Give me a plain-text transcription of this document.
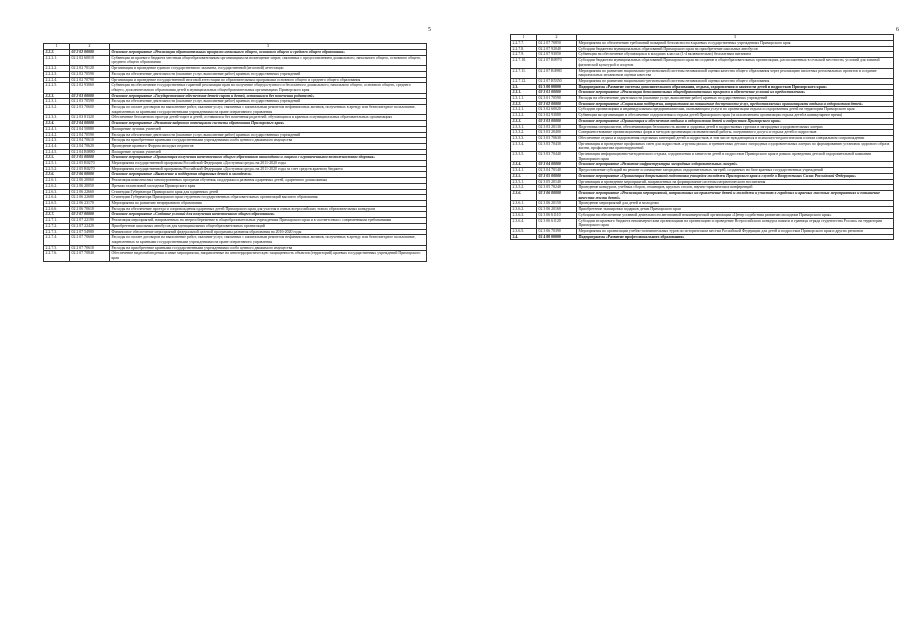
5
1	2	3
2.2.2.	02 2 02 00000	Основное мероприятие «Реализация образовательных программ начального общего, основного общего и среднего общего образования»
2.2.2.1.	02 2 02 60010	Субвенции из краевого бюджета местным общеобразовательным организациям на возмещение затрат, связанных с предоставлением дошкольного, начального общего, основного общего, среднего общего образования
2.2.2.2.	02 2 02 70120	Организация и проведение единого государственного экзамена, государственной (итоговой) аттестации
2.2.2.3.	02 2 02 70590	Расходы на обеспечение деятельности (оказание услуг, выполнение работ) краевых государственных учреждений
2.2.2.4.	02 2 02 70790	Организация и проведение государственной итоговой аттестации по образовательным программам основного общего и среднего общего образования
2.2.2.5.	02 2 02 93060	Субвенции на обеспечение государственных гарантий реализации прав на получение общедоступного и бесплатного дошкольного, начального общего, основного общего, среднего общего, дополнительного образования детей в муниципальных общеобразовательных организациях Приморского края
2.2.3.	02 2 03 00000	Основное мероприятие «Государственное обеспечение детей-сирот и детей, оставшихся без попечения родителей»
2.2.3.1.	02 2 03 70590	Расходы на обеспечение деятельности (оказание услуг, выполнение работ) краевых государственных учреждений
2.2.3.2.	02 2 03 70600	Расходы по оплате договоров на выполнение работ, оказание услуг, связанных с капитальным ремонтом нефинансовых активов, полученных в аренду или безвозмездное пользование, закрепленных за краевыми государственными учреждениями на праве оперативного управления
2.2.3.3.	02 2 03 81320	Обеспечение бесплатного проезда детей-сирот и детей, оставшихся без попечения родителей, обучающихся в краевых и муниципальных образовательных организациях
2.2.4.	02 2 04 00000	Основное мероприятие «Развитие кадрового потенциала системы образования Приморского края»
2.2.4.1.	02 2 04 50880	Поощрение лучших учителей
2.2.4.2.	02 2 04 70590	Расходы на обеспечение деятельности (оказание услуг, выполнение работ) краевых государственных учреждений
2.2.4.3.	02 2 04 70610	Расходы на приобретение краевыми государственными учреждениями особо ценного движимого имущества
2.2.4.4.	02 2 04 70620	Проведение краевого Форума молодых педагогов
2.2.4.5.	02 2 04 R0880	Поощрение лучших учителей
2.2.5.	02 2 05 00000	Основное мероприятие «Организация получения качественного общего образования инвалидами и лицами с ограниченными возможностями здоровья»
2.2.5.1.	02 2 05 R0270	Мероприятия государственной программы Российской Федерации «Доступная среда» на 2011-2020 годы
2.2.5.2.	02 2 05 R0270	Мероприятия государственной программы Российской Федерации «Доступная среда» на 2011-2020 годы за счет средств краевого бюджета
2.2.6.	02 2 06 00000	Основное мероприятие «Выявление и поддержка одаренных детей и молодежи»
2.2.6.1.	02 2 06 20060	Реализация комплексных многоуровневых программ обучения, поддержки и развития одаренных детей, одаренного дошкольника
2.2.6.2.	02 2 06 20050	Премии талантливой молодежи Приморского края
2.2.6.3.	02 2 06 22660	Стипендия Губернатора Приморского края для одаренных детей
2.2.6.4.	02 2 06 22680	Стипендии Губернатора Приморского края студентам государственных образовательных организаций высшего образования
2.2.6.5.	02 2 06 23170	Мероприятия по развитию непрерывного образования
2.2.6.6.	02 2 06 70610	Расходы на обеспечение проезда и сопровождения одаренных детей Приморского края для участия в очных всероссийских этапах образовательных конкурсов
2.2.7.	02 2 07 00000	Основное мероприятие «Создание условий для получения качественного общего образования»
2.2.7.1.	02 2 07 22190	Реализация мероприятий, направленных на энергосбережение в общеобразовательных учреждениях Приморского края и в соответствии с современными требованиями
2.2.7.2.	02 2 07 22420	Приобретение школьных автобусов для муниципальных общеобразовательных организаций
2.2.7.3.	02 2 07 54980	Финансовое обеспечение мероприятий федеральной целевой программы развития образования на 2016-2020 годы
2.2.7.4.	02 2 07 70600	Расходы по оплате договоров на выполнение работ, оказание услуг, связанных с капитальным ремонтом нефинансовых активов, полученных в аренду или безвозмездное пользование, закрепленных за краевыми государственными учреждениями на праве оперативного управления
2.2.7.5.	02 2 07 70610	Расходы на приобретение краевыми государственными учреждениями особо ценного движимого имущества
2.2.7.6.	02 2 07 70840	Обеспечение видеонаблюдения и иные мероприятия, направленные на антитеррористическую защищенность объектов (территорий) краевых государственных учреждений Приморского края
6
1	2	3
2.2.7.7.	02 2 07 70850	Мероприятия по обеспечению требований пожарной безопасности в краевых государственных учреждениях Приморского края
2.2.7.8.	02 2 07 92040	Субсидии бюджетам муниципальных образований Приморского края на приобретение школьных автобусов
2.2.7.9.	02 2 07 93050	Субвенции на обеспечение обучающихся в младших классах (1-4 включительно) бесплатным питанием
2.2.7.10.	02 2 07 R0970	Субсидии бюджетам муниципальных образований Приморского края на создание в общеобразовательных организациях, расположенных в сельской местности, условий для занятий физической культурой и спортом
2.2.7.11.	02 2 07 R4980	Мероприятия по развитию национально-региональной системы независимой оценки качества общего образования через реализацию пилотных региональных проектов и создание национальных механизмов оценки качества
2.2.7.12.	02 2 07 R5350	Мероприятия по развитию национально-региональной системы независимой оценки качества общего образования
2.3.	02 3 00 00000	Подпрограмма «Развитие системы дополнительного образования, отдыха, оздоровления и занятости детей и подростков Приморского края»
2.3.1.	02 3 01 00000	Основное мероприятие «Реализация дополнительных общеобразовательных программ и обеспечение условий их предоставления»
2.3.1.1.	02 3 01 70590	Расходы на обеспечение деятельности (оказание услуг, выполнение работ) краевых государственных учреждений
2.3.2.	02 3 02 00000	Основное мероприятие «Социальная поддержка, направленная на повышение доступности услуг, предоставляемых организациями отдыха и оздоровления детей»
2.3.2.1.	02 3 02 60020	Субсидии организациям и индивидуальным предпринимателям, оказывающим услуги по организации отдыха и оздоровления детей на территории Приморского края
2.3.2.2.	02 3 02 93080	Субвенции на организацию и обеспечение оздоровления и отдыха детей Приморского края (за исключением организации отдыха детей в каникулярное время)
2.3.3.	02 3 03 00000	Основное мероприятие «Организация и обеспечение отдыха и оздоровления детей и подростков Приморского края»
2.3.3.1.	02 3 03 20130	Подготовка специалистов, обеспечивающих безопасность жизни и здоровья детей в подростковых группах в загородных оздоровительных лагерях
2.3.3.2.	02 3 03 20400	Совершенствование организационных форм и методов организации познавательной работы, оперативного досуга и отдыха детей и подростков
2.3.3.3.	02 3 03 70630	Обеспечение отдыха и оздоровления отдельных категорий детей и подростков, в том числе нуждающихся в психолого-педагогическом и ином специальном сопровождении
2.3.3.4.	02 3 03 70430	Организация и проведение профильных смен для подростков «группы риска» и тренинговых детских загородных оздоровительных лагерях по формированию установок здорового образа жизни, профилактике правонарушений
2.3.3.5.	02 3 03 70440	Организация информационно-методического отдыха, оздоровления и занятости детей и подростков Приморского края в рамках проведения детской оздоровительной кампании Приморского края
2.3.4.	02 3 04 00000	Основное мероприятие «Развитие инфраструктуры загородных оздоровительных лагерей»
2.3.4.1.	02 3 04 70140	Предоставление субсидий на ремонт и оснащение загородных оздоровительных лагерей, созданных на базе краевых государственных учреждений
2.3.5.	02 3 05 00000	Основное мероприятие «Организация допризывной подготовки учащейся молодежи Приморского края к службе в Вооруженных Силах Российской Федерации»
2.3.5.1.	02 3 05 20140	Организация и проведение мероприятий, направленных на формирование системы патриотического воспитания
2.3.5.2.	02 3 05 70240	Проведение конкурсов, учебных сборов, семинаров, круглых столов, научно-практических конференций
2.3.6.	02 3 06 00000	Основное мероприятие «Реализация мероприятий, направленных на привлечение детей и молодежи к участию в городских и краевых массовых мероприятиях и повышение качества жизни детей»
2.3.6.1.	02 3 06 20150	Проведение мероприятий для детей и молодежи
2.3.6.2.	02 3 06 20160	Приобретение экипировки подарков детям Приморского края
2.3.6.3.	02 3 06 61110	Субсидии на обеспечение уставной деятельности автономной некоммерческой организации «Центр содействия развитию молодежи Приморского края»
2.3.6.4.	02 3 06 61120	Субсидии из краевого бюджета некоммерческим организациям на организацию и проведение Всероссийского конкурса памяти и границы отряда студенчества России» на территории Приморского края
2.3.6.5.	02 3 06 70390	Мероприятия по организации учебно-познавательных туров по историческим местам Российской Федерации для детей и подростков Приморского края и других регионов
2.4.	02 4 00 00000	Подпрограмма «Развитие профессионального образования»
